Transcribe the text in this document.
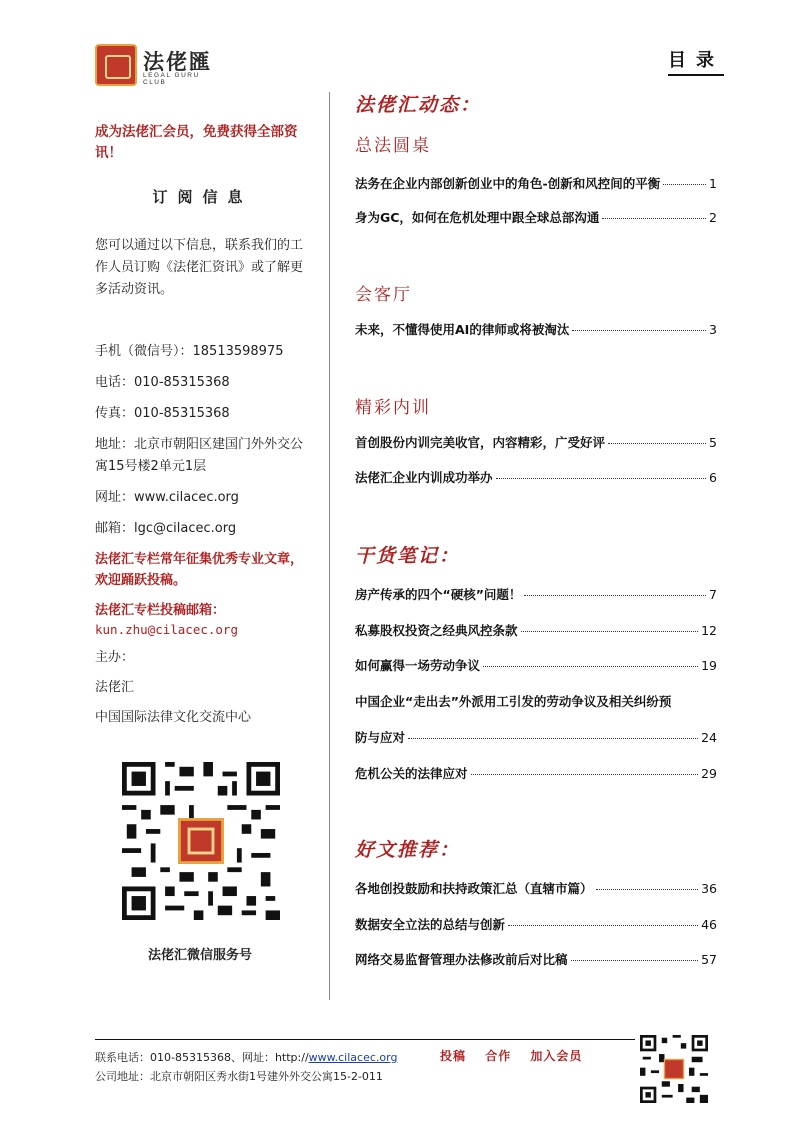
法佬匯
LEGAL GURU CLUB
目录
成为法佬汇会员，免费获得全部资讯！
订阅信息
您可以通过以下信息，联系我们的工作人员订购《法佬汇资讯》或了解更多活动资讯。
手机（微信号）：18513598975
电话：010-85315368
传真：010-85315368
地址：北京市朝阳区建国门外外交公寓15号楼2单元1层
网址：www.cilacec.org
邮箱：lgc@cilacec.org
法佬汇专栏常年征集优秀专业文章，欢迎踊跃投稿。
法佬汇专栏投稿邮箱：
kun.zhu@cilacec.org
主办：
法佬汇
中国国际法律文化交流中心
法佬汇微信服务号
法佬汇动态：
总法圆桌
法务在企业内部创新创业中的角色-创新和风控间的平衡	1
身为GC，如何在危机处理中跟全球总部沟通	2
会客厅
未来，不懂得使用AI的律师或将被淘汰	3
精彩内训
首创股份内训完美收官，内容精彩，广受好评	5
法佬汇企业内训成功举办	6
干货笔记：
房产传承的四个“硬核”问题！	7
私募股权投资之经典风控条款	12
如何赢得一场劳动争议	19
中国企业“走出去”外派用工引发的劳动争议及相关纠纷预
防与应对	24
危机公关的法律应对	29
好文推荐：
各地创投鼓励和扶持政策汇总（直辖市篇）	36
数据安全立法的总结与创新	46
网络交易监督管理办法修改前后对比稿	57
联系电话：010-85315368、网址：http://www.cilacec.org
公司地址：北京市朝阳区秀水街1号建外外交公寓15-2-011
投稿 合作 加入会员
